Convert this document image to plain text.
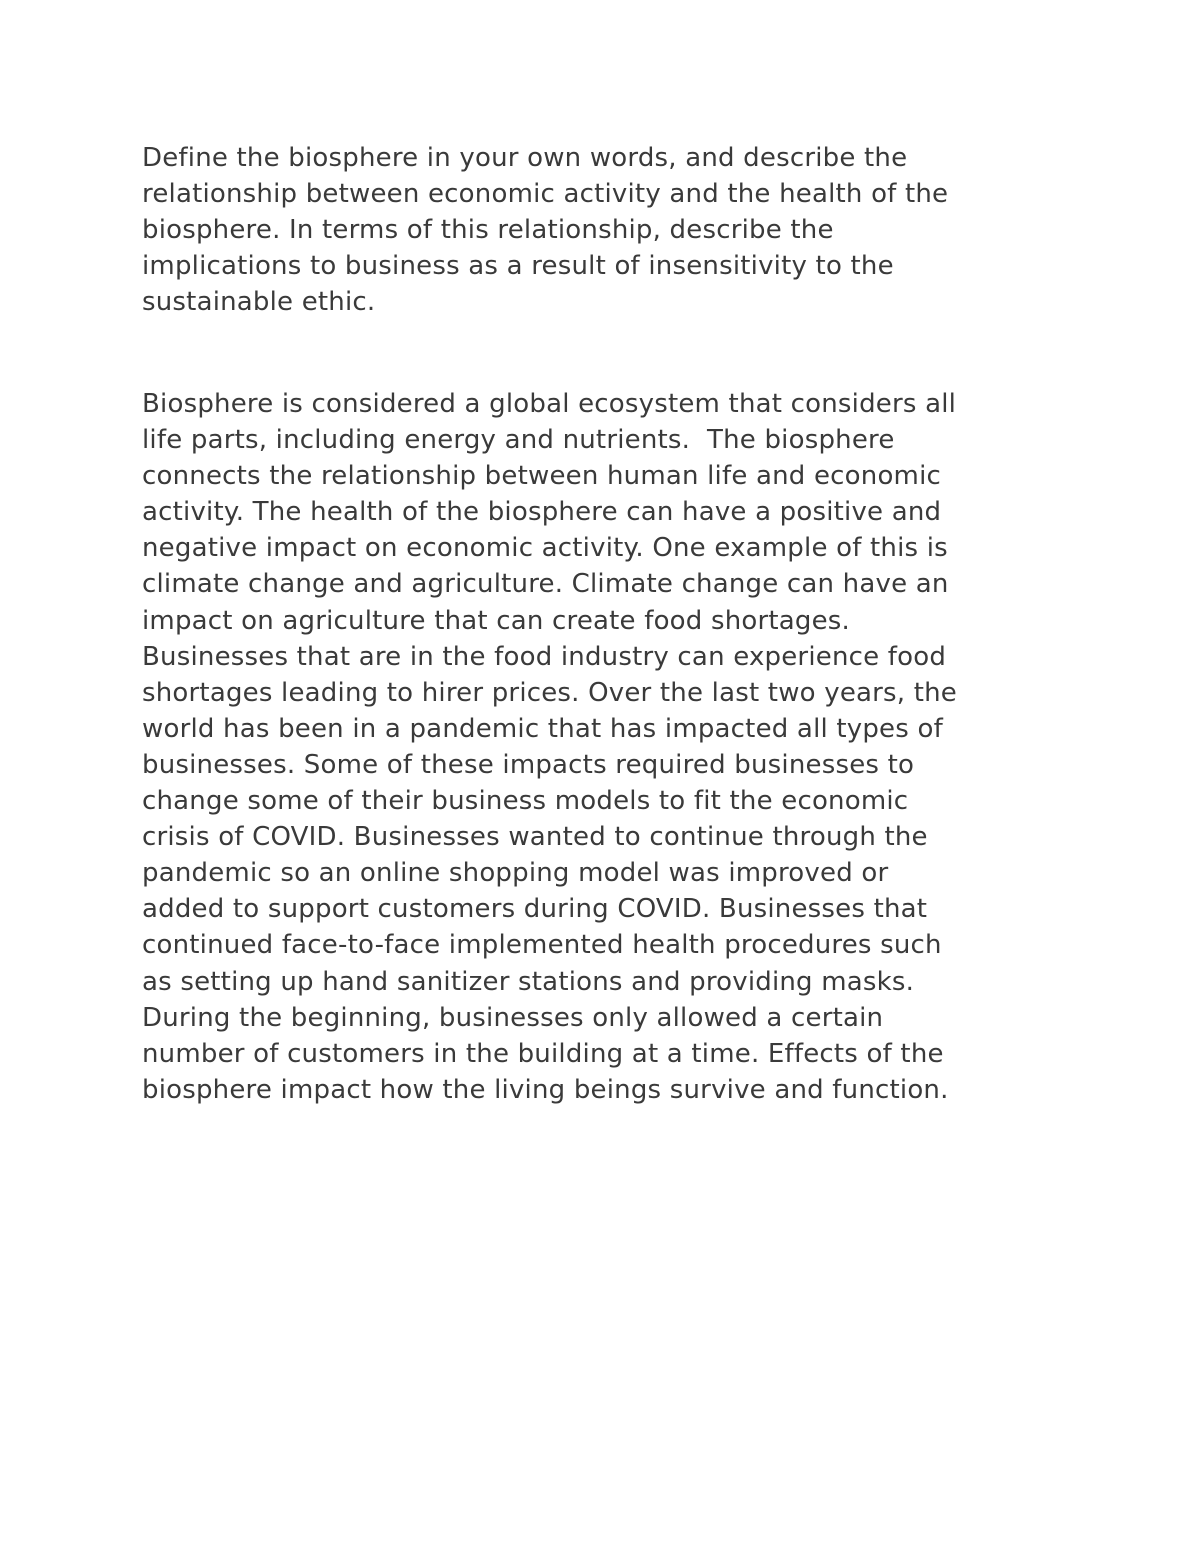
Define the biosphere in your own words, and describe the
relationship between economic activity and the health of the
biosphere. In terms of this relationship, describe the
implications to business as a result of insensitivity to the
sustainable ethic.

Biosphere is considered a global ecosystem that considers all
life parts, including energy and nutrients.  The biosphere
connects the relationship between human life and economic
activity. The health of the biosphere can have a positive and
negative impact on economic activity. One example of this is
climate change and agriculture. Climate change can have an
impact on agriculture that can create food shortages.
Businesses that are in the food industry can experience food
shortages leading to hirer prices. Over the last two years, the
world has been in a pandemic that has impacted all types of
businesses. Some of these impacts required businesses to
change some of their business models to fit the economic
crisis of COVID. Businesses wanted to continue through the
pandemic so an online shopping model was improved or
added to support customers during COVID. Businesses that
continued face-to-face implemented health procedures such
as setting up hand sanitizer stations and providing masks.
During the beginning, businesses only allowed a certain
number of customers in the building at a time. Effects of the
biosphere impact how the living beings survive and function.
